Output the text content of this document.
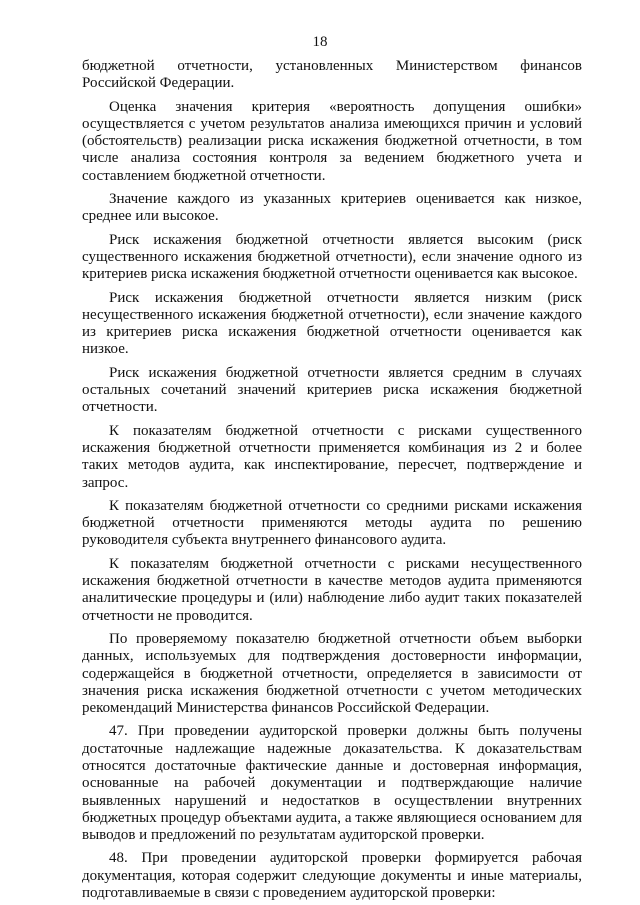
18

бюджетной отчетности, установленных Министерством финансов Российской Федерации.

Оценка значения критерия «вероятность допущения ошибки» осуществляется с учетом результатов анализа имеющихся причин и условий (обстоятельств) реализации риска искажения бюджетной отчетности, в том числе анализа состояния контроля за ведением бюджетного учета и составлением бюджетной отчетности.

Значение каждого из указанных критериев оценивается как низкое, среднее или высокое.

Риск искажения бюджетной отчетности является высоким (риск существенного искажения бюджетной отчетности), если значение одного из критериев риска искажения бюджетной отчетности оценивается как высокое.

Риск искажения бюджетной отчетности является низким (риск несущественного искажения бюджетной отчетности), если значение каждого из критериев риска искажения бюджетной отчетности оценивается как низкое.

Риск искажения бюджетной отчетности является средним в случаях остальных сочетаний значений критериев риска искажения бюджетной отчетности.

К показателям бюджетной отчетности с рисками существенного искажения бюджетной отчетности применяется комбинация из 2 и более таких методов аудита, как инспектирование, пересчет, подтверждение и запрос.

К показателям бюджетной отчетности со средними рисками искажения бюджетной отчетности применяются методы аудита по решению руководителя субъекта внутреннего финансового аудита.

К показателям бюджетной отчетности с рисками несущественного искажения бюджетной отчетности в качестве методов аудита применяются аналитические процедуры и (или) наблюдение либо аудит таких показателей отчетности не проводится.

По проверяемому показателю бюджетной отчетности объем выборки данных, используемых для подтверждения достоверности информации, содержащейся в бюджетной отчетности, определяется в зависимости от значения риска искажения бюджетной отчетности с учетом методических рекомендаций Министерства финансов Российской Федерации.

47. При проведении аудиторской проверки должны быть получены достаточные надлежащие надежные доказательства. К доказательствам относятся достаточные фактические данные и достоверная информация, основанные на рабочей документации и подтверждающие наличие выявленных нарушений и недостатков в осуществлении внутренних бюджетных процедур объектами аудита, а также являющиеся основанием для выводов и предложений по результатам аудиторской проверки.

48. При проведении аудиторской проверки формируется рабочая документация, которая содержит следующие документы и иные материалы, подготавливаемые в связи с проведением аудиторской проверки:
